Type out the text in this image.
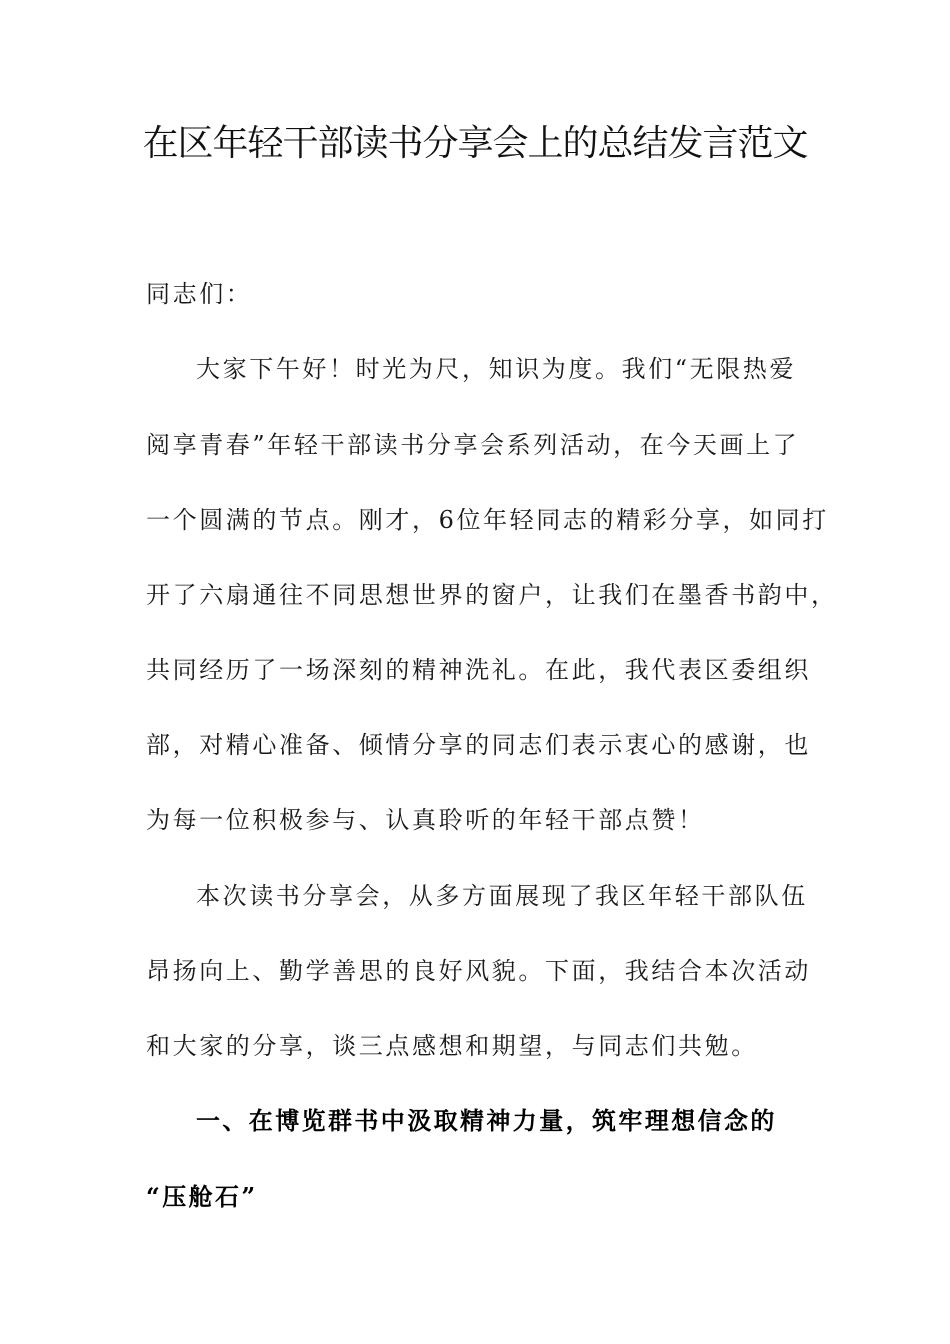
在区年轻干部读书分享会上的总结发言范文

同志们：

大家下午好！时光为尺，知识为度。我们“无限热爱

阅享青春”年轻干部读书分享会系列活动，在今天画上了

一个圆满的节点。刚才，6位年轻同志的精彩分享，如同打

开了六扇通往不同思想世界的窗户，让我们在墨香书韵中，

共同经历了一场深刻的精神洗礼。在此，我代表区委组织

部，对精心准备、倾情分享的同志们表示衷心的感谢，也

为每一位积极参与、认真聆听的年轻干部点赞！

本次读书分享会，从多方面展现了我区年轻干部队伍

昂扬向上、勤学善思的良好风貌。下面，我结合本次活动

和大家的分享，谈三点感想和期望，与同志们共勉。

一、在博览群书中汲取精神力量，筑牢理想信念的

“压舱石”
